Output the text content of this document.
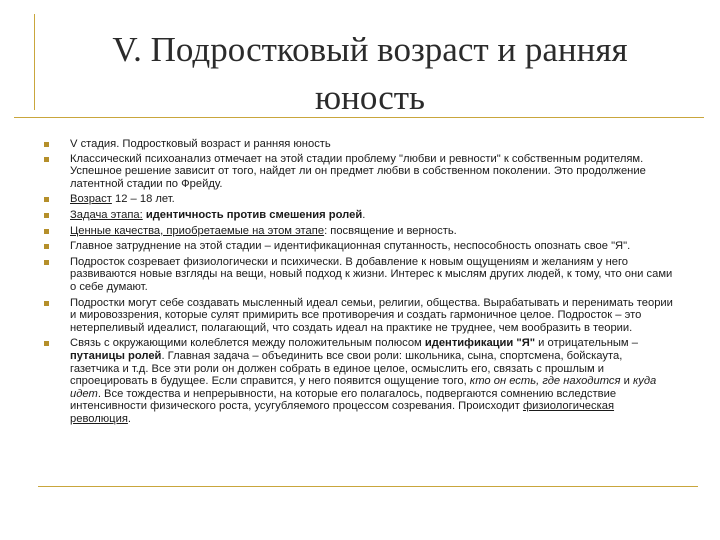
V. Подростковый возраст и ранняя
юность
V стадия. Подростковый возраст и ранняя юность
Классический психоанализ отмечает на этой стадии проблему "любви и ревности" к собственным родителям. Успешное решение зависит от того, найдет ли он предмет любви в собственном поколении. Это продолжение латентной стадии по Фрейду.
Возраст 12 – 18 лет.
Задача этапа: идентичность против смешения ролей.
Ценные качества, приобретаемые на этом этапе: посвящение и верность.
Главное затруднение на этой стадии – идентификационная спутанность, неспособность опознать свое "Я".
Подросток созревает физиологически и психически. В добавление к новым ощущениям и желаниям у него развиваются новые взгляды на вещи, новый подход к жизни. Интерес к мыслям других людей, к тому, что они сами о себе думают.
Подростки могут себе создавать мысленный идеал семьи, религии, общества. Вырабатывать и перенимать теории и мировоззрения, которые сулят примирить все противоречия и создать гармоничное целое. Подросток – это нетерпеливый идеалист, полагающий, что создать идеал на практике не труднее, чем вообразить в теории.
Связь с окружающими колеблется между положительным полюсом идентификации "Я" и отрицательным – путаницы ролей. Главная задача – объединить все свои роли: школьника, сына, спортсмена, бойскаута, газетчика и т.д. Все эти роли он должен собрать в единое целое, осмыслить его, связать с прошлым и спроецировать в будущее. Если справится, у него появится ощущение того, кто он есть, где находится и куда идет. Все тождества и непрерывности, на которые его полагалось, подвергаются сомнению вследствие интенсивности физического роста, усугубляемого процессом созревания. Происходит физиологическая революция.
